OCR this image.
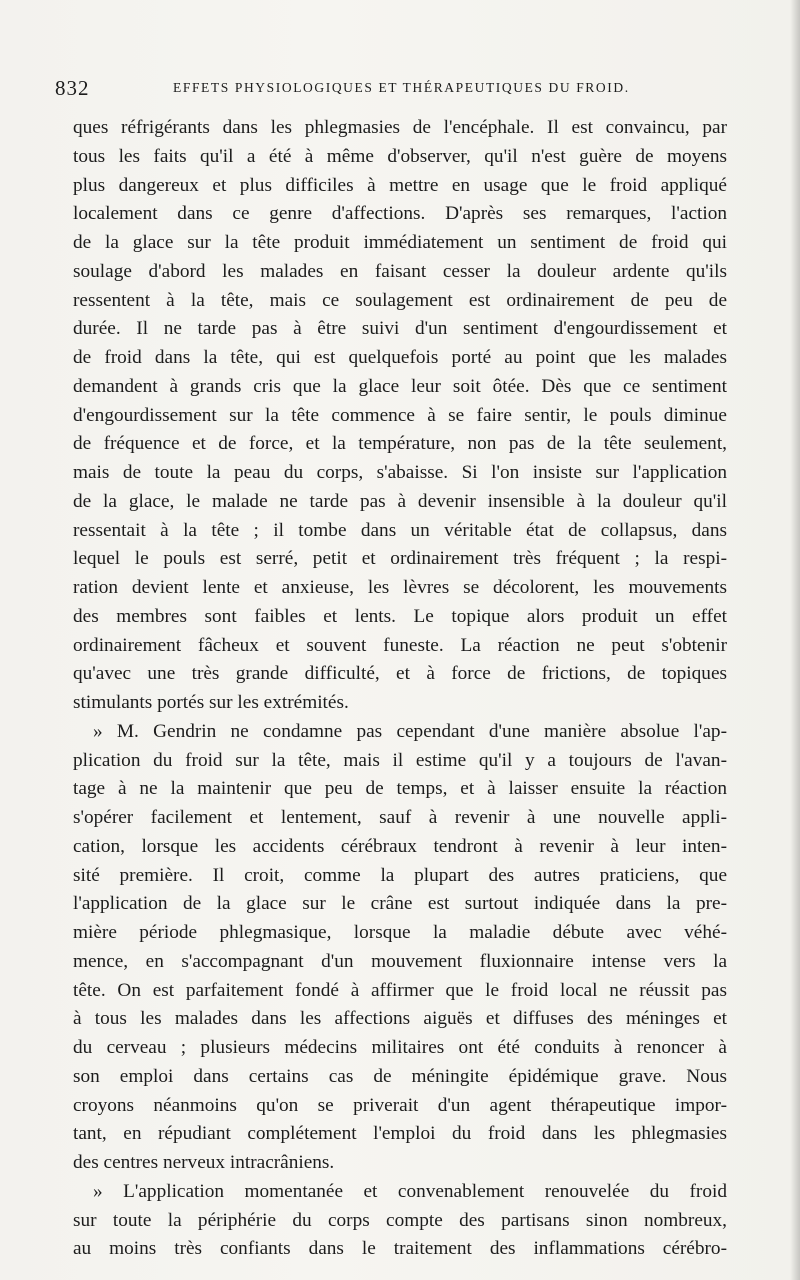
832	EFFETS PHYSIOLOGIQUES ET THÉRAPEUTIQUES DU FROID.
ques réfrigérants dans les phlegmasies de l'encéphale. Il est convaincu, par
tous les faits qu'il a été à même d'observer, qu'il n'est guère de moyens
plus dangereux et plus difficiles à mettre en usage que le froid appliqué
localement dans ce genre d'affections. D'après ses remarques, l'action
de la glace sur la tête produit immédiatement un sentiment de froid qui
soulage d'abord les malades en faisant cesser la douleur ardente qu'ils
ressentent à la tête, mais ce soulagement est ordinairement de peu de
durée. Il ne tarde pas à être suivi d'un sentiment d'engourdissement et
de froid dans la tête, qui est quelquefois porté au point que les malades
demandent à grands cris que la glace leur soit ôtée. Dès que ce sentiment
d'engourdissement sur la tête commence à se faire sentir, le pouls diminue
de fréquence et de force, et la température, non pas de la tête seulement,
mais de toute la peau du corps, s'abaisse. Si l'on insiste sur l'application
de la glace, le malade ne tarde pas à devenir insensible à la douleur qu'il
ressentait à la tête ; il tombe dans un véritable état de collapsus, dans
lequel le pouls est serré, petit et ordinairement très fréquent ; la respi-
ration devient lente et anxieuse, les lèvres se décolorent, les mouvements
des membres sont faibles et lents. Le topique alors produit un effet
ordinairement fâcheux et souvent funeste. La réaction ne peut s'obtenir
qu'avec une très grande difficulté, et à force de frictions, de topiques
stimulants portés sur les extrémités.
» M. Gendrin ne condamne pas cependant d'une manière absolue l'ap-
plication du froid sur la tête, mais il estime qu'il y a toujours de l'avan-
tage à ne la maintenir que peu de temps, et à laisser ensuite la réaction
s'opérer facilement et lentement, sauf à revenir à une nouvelle appli-
cation, lorsque les accidents cérébraux tendront à revenir à leur inten-
sité première. Il croit, comme la plupart des autres praticiens, que
l'application de la glace sur le crâne est surtout indiquée dans la pre-
mière période phlegmasique, lorsque la maladie débute avec véhé-
mence, en s'accompagnant d'un mouvement fluxionnaire intense vers la
tête. On est parfaitement fondé à affirmer que le froid local ne réussit pas
à tous les malades dans les affections aiguës et diffuses des méninges et
du cerveau ; plusieurs médecins militaires ont été conduits à renoncer à
son emploi dans certains cas de méningite épidémique grave. Nous
croyons néanmoins qu'on se priverait d'un agent thérapeutique impor-
tant, en répudiant complétement l'emploi du froid dans les phlegmasies
des centres nerveux intracrâniens.
» L'application momentanée et convenablement renouvelée du froid
sur toute la périphérie du corps compte des partisans sinon nombreux,
au moins très confiants dans le traitement des inflammations cérébro-
